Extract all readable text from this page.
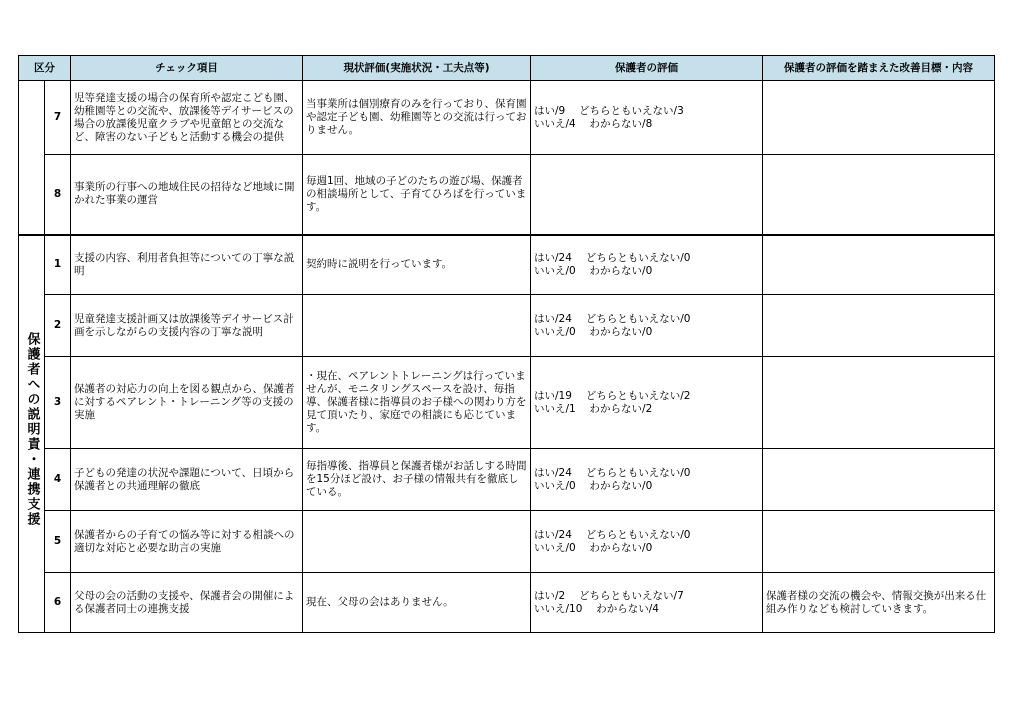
区分		チェック項目	現状評価(実施状況・工夫点等)	保護者の評価	保護者の評価を踏まえた改善目標・内容

	7	児等発達支援の場合の保育所や認定こども園、幼稚園等との交流や、放課後等デイサービスの場合の放課後児童クラブや児童館との交流など、障害のない子どもと活動する機会の提供	当事業所は個別療育のみを行っており、保育園や認定子ども園、幼稚園等との交流は行っておりません。	はい/9　 どちらともいえない/3
いいえ/4　 わからない/8	

	8	事業所の行事への地域住民の招待など地域に開かれた事業の運営	毎週1回、地域の子どのたちの遊び場、保護者の相談場所として、子育てひろばを行っています。	

保護者への説明責・連携支援	1	支援の内容、利用者負担等についての丁寧な説明	契約時に説明を行っています。	はい/24　 どちらともいえない/0
いいえ/0　 わからない/0	

	2	児童発達支援計画又は放課後等デイサービス計画を示しながらの支援内容の丁寧な説明		はい/24　 どちらともいえない/0
いいえ/0　 わからない/0	

	3	保護者の対応力の向上を図る観点から、保護者に対するペアレント・トレーニング等の支援の実施	・現在、ペアレントトレーニングは行っていませんが、モニタリングスペースを設け、毎指導、保護者様に指導員のお子様への関わり方を見て頂いたり、家庭での相談にも応じています。	はい/19　 どちらともいえない/2
いいえ/1　 わからない/2	

	4	子どもの発達の状況や課題について、日頃から保護者との共通理解の徹底	毎指導後、指導員と保護者様がお話しする時間を15分ほど設け、お子様の情報共有を徹底している。	はい/24　 どちらともいえない/0
いいえ/0　 わからない/0	

	5	保護者からの子育ての悩み等に対する相談への適切な対応と必要な助言の実施		はい/24　 どちらともいえない/0
いいえ/0　 わからない/0	

	6	父母の会の活動の支援や、保護者会の開催による保護者同士の連携支援	現在、父母の会はありません。	はい/2　 どちらともいえない/7
いいえ/10　 わからない/4	保護者様の交流の機会や、情報交換が出来る仕組み作りなども検討していきます。
